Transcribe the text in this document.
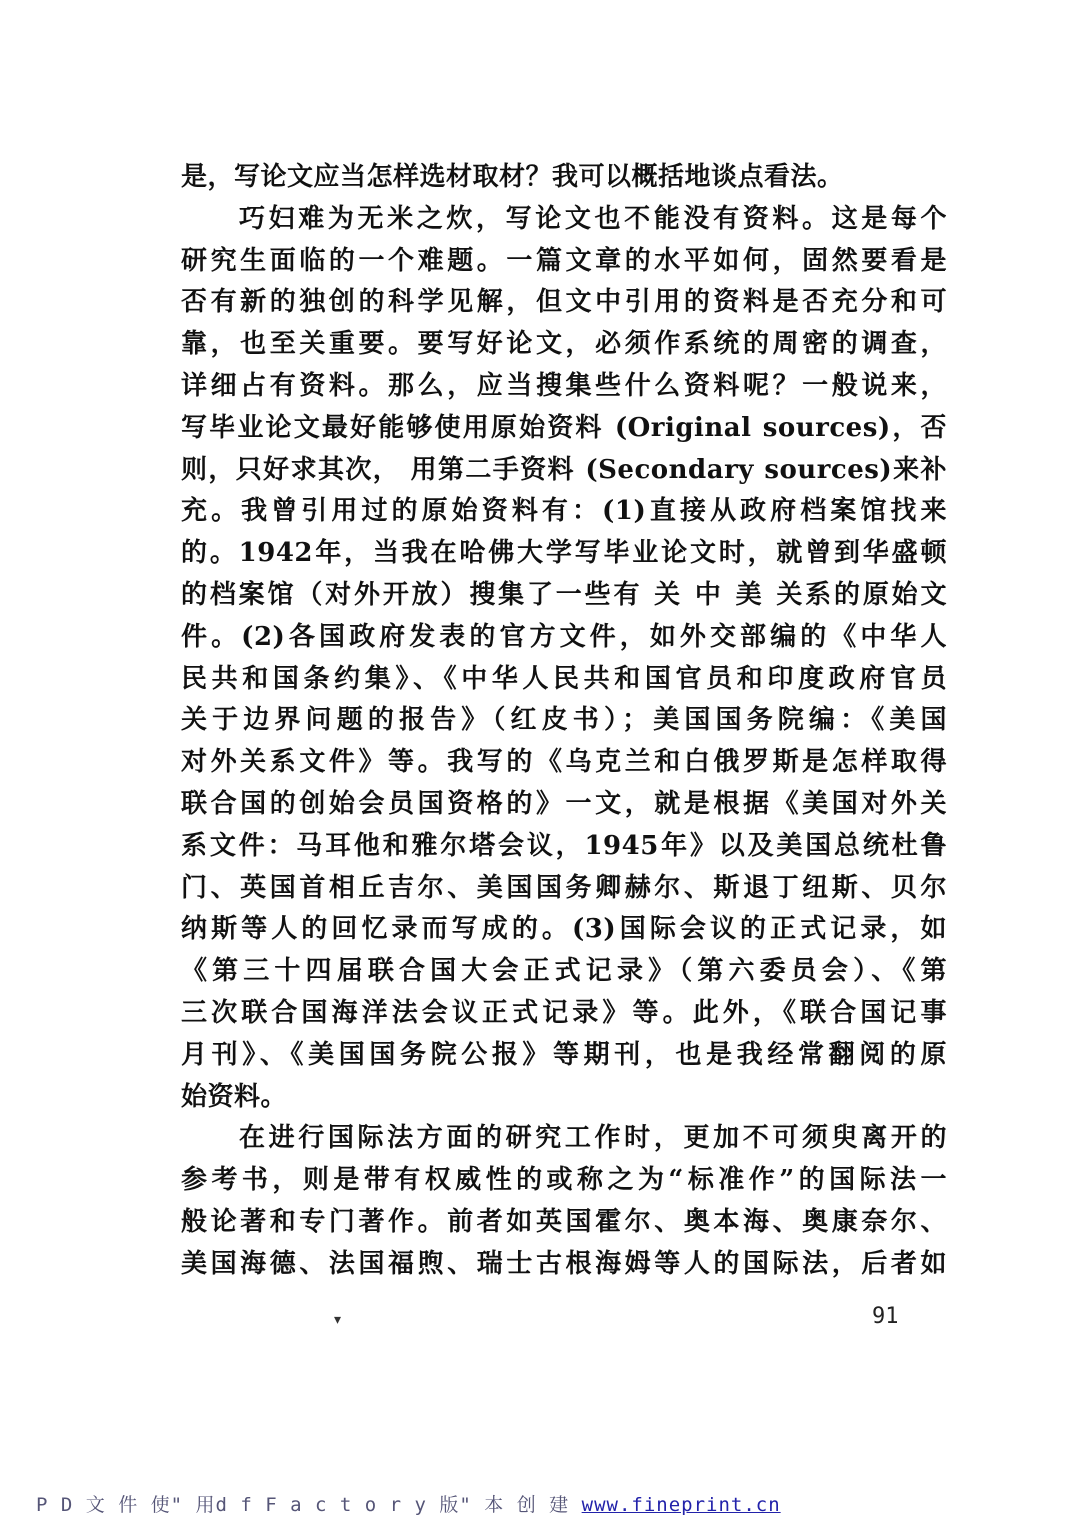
是，写论文应当怎样选材取材？我可以概括地谈点看法。
巧妇难为无米之炊，写论文也不能没有资料。这是每个
研究生面临的一个难题。一篇文章的水平如何，固然要看是
否有新的独创的科学见解，但文中引用的资料是否充分和可
靠，也至关重要。要写好论文，必须作系统的周密的调查，
详细占有资料。那么，应当搜集些什么资料呢？一般说来，
写毕业论文最好能够使用原始资料 (Original sources)，否
则，只好求其次， 用第二手资料 (Secondary sources)来补
充。我曾引用过的原始资料有：(1)直接从政府档案馆找来
的。1942年，当我在哈佛大学写毕业论文时，就曾到华盛顿
的档案馆（对外开放）搜集了一些有 关 中 美 关系的原始文
件。(2)各国政府发表的官方文件，如外交部编的《中华人
民共和国条约集》、《中华人民共和国官员和印度政府官员
关于边界问题的报告》（红皮书）；美国国务院编：《美国
对外关系文件》等。我写的《乌克兰和白俄罗斯是怎样取得
联合国的创始会员国资格的》一文，就是根据《美国对外关
系文件：马耳他和雅尔塔会议，1945年》以及美国总统杜鲁
门、英国首相丘吉尔、美国国务卿赫尔、斯退丁纽斯、贝尔
纳斯等人的回忆录而写成的。(3)国际会议的正式记录，如
《第三十四届联合国大会正式记录》（第六委员会）、《第
三次联合国海洋法会议正式记录》等。此外，《联合国记事
月刊》、《美国国务院公报》等期刊，也是我经常翻阅的原
始资料。
在进行国际法方面的研究工作时，更加不可须臾离开的
参考书，则是带有权威性的或称之为“标准作”的国际法一
般论著和专门著作。前者如英国霍尔、奥本海、奥康奈尔、
美国海德、法国福煦、瑞士古根海姆等人的国际法，后者如
▾	91
P D 文 件 使" 用d f F a c t o r y 版" 本 创 建 www.fineprint.cn
